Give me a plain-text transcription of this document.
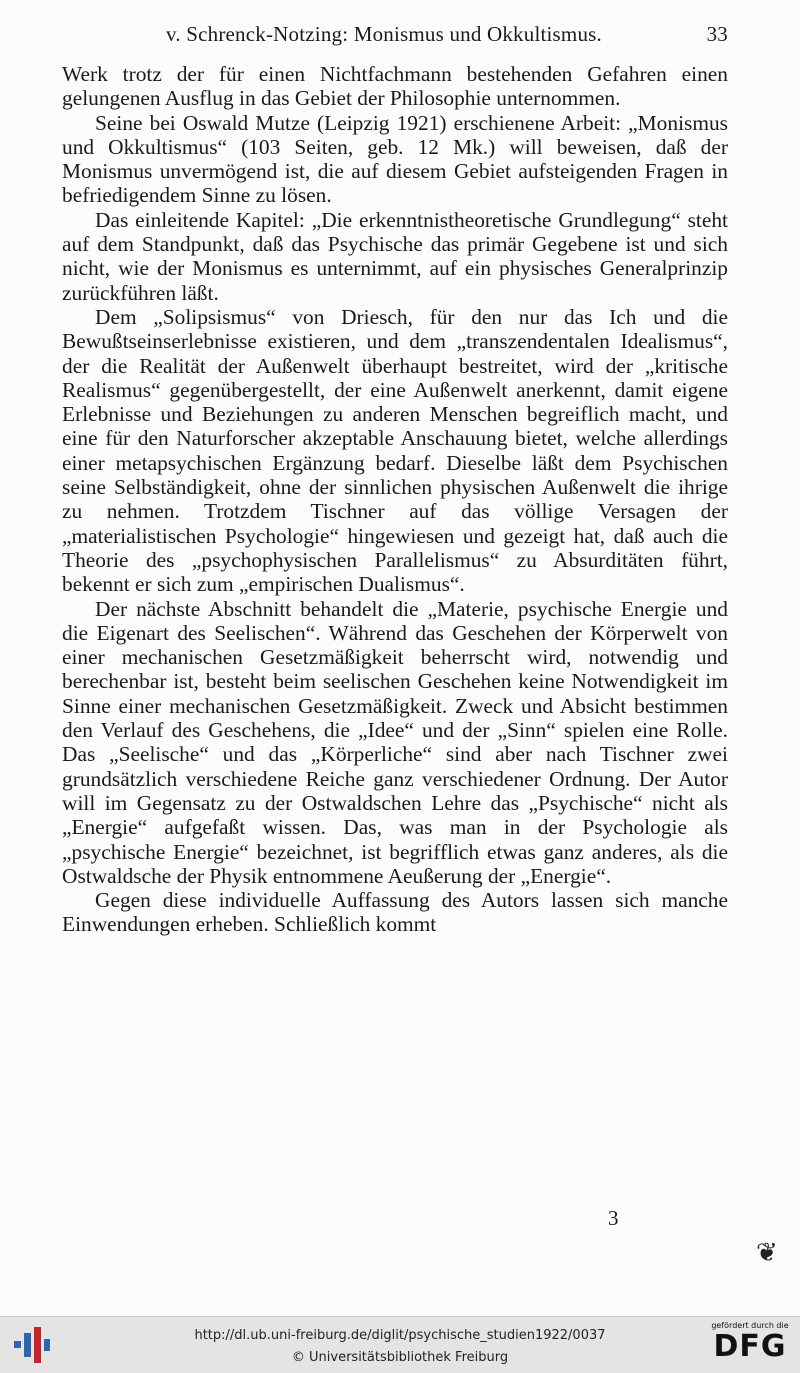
v. Schrenck-Notzing: Monismus und Okkultismus.	33

Werk trotz der für einen Nichtfachmann bestehenden Gefahren einen gelungenen Ausflug in das Gebiet der Philosophie unternommen.

Seine bei Oswald Mutze (Leipzig 1921) erschienene Arbeit: „Monismus und Okkultismus“ (103 Seiten, geb. 12 Mk.) will beweisen, daß der Monismus unvermögend ist, die auf diesem Gebiet aufsteigenden Fragen in befriedigendem Sinne zu lösen.

Das einleitende Kapitel: „Die erkenntnistheoretische Grundlegung“ steht auf dem Standpunkt, daß das Psychische das primär Gegebene ist und sich nicht, wie der Monismus es unternimmt, auf ein physisches Generalprinzip zurückführen läßt.

Dem „Solipsismus“ von Driesch, für den nur das Ich und die Bewußtseinserlebnisse existieren, und dem „transzendentalen Idealismus“, der die Realität der Außenwelt überhaupt bestreitet, wird der „kritische Realismus“ gegenübergestellt, der eine Außenwelt anerkennt, damit eigene Erlebnisse und Beziehungen zu anderen Menschen begreiflich macht, und eine für den Naturforscher akzeptable Anschauung bietet, welche allerdings einer metapsychischen Ergänzung bedarf. Dieselbe läßt dem Psychischen seine Selbständigkeit, ohne der sinnlichen physischen Außenwelt die ihrige zu nehmen. Trotzdem Tischner auf das völlige Versagen der „materialistischen Psychologie“ hingewiesen und gezeigt hat, daß auch die Theorie des „psychophysischen Parallelismus“ zu Absurditäten führt, bekennt er sich zum „empirischen Dualismus“.

Der nächste Abschnitt behandelt die „Materie, psychische Energie und die Eigenart des Seelischen“. Während das Geschehen der Körperwelt von einer mechanischen Gesetzmäßigkeit beherrscht wird, notwendig und berechenbar ist, besteht beim seelischen Geschehen keine Notwendigkeit im Sinne einer mechanischen Gesetzmäßigkeit. Zweck und Absicht bestimmen den Verlauf des Geschehens, die „Idee“ und der „Sinn“ spielen eine Rolle. Das „Seelische“ und das „Körperliche“ sind aber nach Tischner zwei grundsätzlich verschiedene Reiche ganz verschiedener Ordnung. Der Autor will im Gegensatz zu der Ostwaldschen Lehre das „Psychische“ nicht als „Energie“ aufgefaßt wissen. Das, was man in der Psychologie als „psychische Energie“ bezeichnet, ist begrifflich etwas ganz anderes, als die Ostwaldsche der Physik entnommene Aeußerung der „Energie“.

Gegen diese individuelle Auffassung des Autors lassen sich manche Einwendungen erheben. Schließlich kommt

3
❦
http://dl.ub.uni-freiburg.de/diglit/psychische_studien1922/0037
© Universitätsbibliothek Freiburg
gefördert durch die
DFG
